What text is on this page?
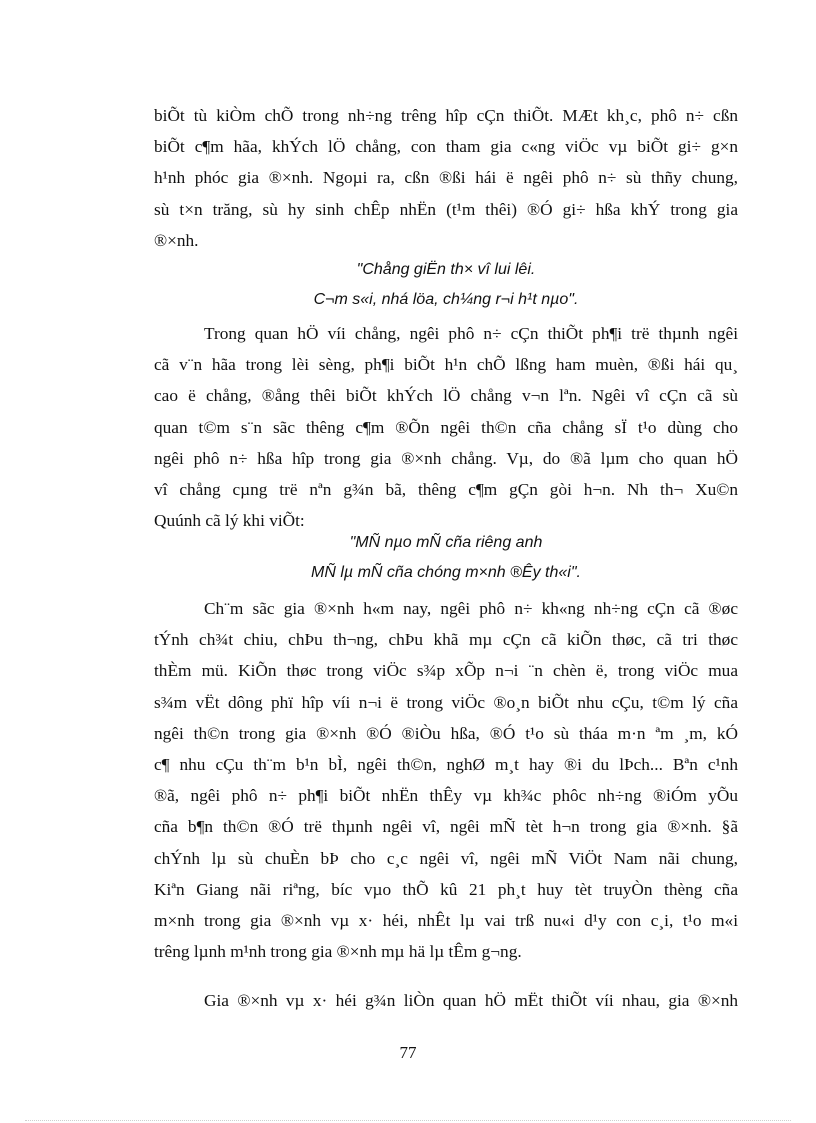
biÕt tù kiÒm chÕ trong nh÷ng trêng hîp cÇn thiÕt. MÆt kh¸c, phô n÷ cßn
biÕt c¶m hãa, khÝch lÖ chång, con tham gia c«ng viÖc vµ biÕt gi÷ g×n
h¹nh phóc gia ®×nh. Ngoµi ra, cßn ®ßi hái ë ngêi phô n÷ sù thñy chung,
sù t×n trăng, sù hy sinh chÊp nhËn (t¹m thêi) ®Ó gi÷ hßa khÝ trong gia
®×nh.
"Chång giËn th× vî lui lêi.
C¬m s«i, nhá löa, ch¼ng r¬i h¹t nµo".
Trong quan hÖ víi chång, ngêi phô n÷ cÇn thiÕt ph¶i trë thµnh ngêi
cã v¨n hãa trong lèi sèng, ph¶i biÕt h¹n chÕ lßng ham muèn, ®ßi hái qu¸
cao ë chång, ®ång thêi biÕt khÝch lÖ chång v¬n lªn. Ngêi vî cÇn cã sù
quan t©m s¨n sãc thêng c¶m ®Õn ngêi th©n cña chång sÏ t¹o dùng cho
ngêi phô n÷ hßa hîp trong gia ®×nh chång. Vµ, do ®ã lµm cho quan hÖ
vî chång cµng trë nªn g¾n bã, thêng c¶m gÇn gòi h¬n. Nh th¬ Xu©n
Quúnh cã lý khi viÕt:
"MÑ nµo mÑ cña riêng anh
MÑ lµ mÑ cña chóng m×nh ®Êy th«i".
Ch¨m sãc gia ®×nh h«m nay, ngêi phô n÷ kh«ng nh÷ng cÇn cã ®øc
tÝnh ch¾t chiu, chÞu th¬ng, chÞu khã mµ cÇn cã kiÕn thøc, cã tri thøc
thÈm mü. KiÕn thøc trong viÖc s¾p xÕp n¬i ¨n chèn ë, trong viÖc mua
s¾m vËt dông phï hîp víi n¬i ë trong viÖc ®o¸n biÕt nhu cÇu, t©m lý cña
ngêi th©n trong gia ®×nh ®Ó ®iÒu hßa, ®Ó t¹o sù tháa m·n ªm ¸m, kÓ
c¶ nhu cÇu th¨m b¹n bÌ, ngêi th©n, nghØ m¸t hay ®i du lÞch... Bªn c¹nh
®ã, ngêi phô n÷ ph¶i biÕt nhËn thÊy vµ kh¾c phôc nh÷ng ®iÓm yÕu
cña b¶n th©n ®Ó trë thµnh ngêi vî, ngêi mÑ tèt h¬n trong gia ®×nh. §ã
chÝnh lµ sù chuÈn bÞ cho c¸c ngêi vî, ngêi mÑ ViÖt Nam nãi chung,
Kiªn Giang nãi riªng, bíc vµo thÕ kû 21 ph¸t huy tèt truyÒn thèng cña
m×nh trong gia ®×nh vµ x· héi, nhÊt lµ vai trß nu«i d¹y con c¸i, t¹o m«i
trêng lµnh m¹nh trong gia ®×nh mµ hä lµ tÊm g¬ng.
Gia ®×nh vµ x· héi g¾n liÒn quan hÖ mËt thiÕt víi nhau, gia ®×nh
77
